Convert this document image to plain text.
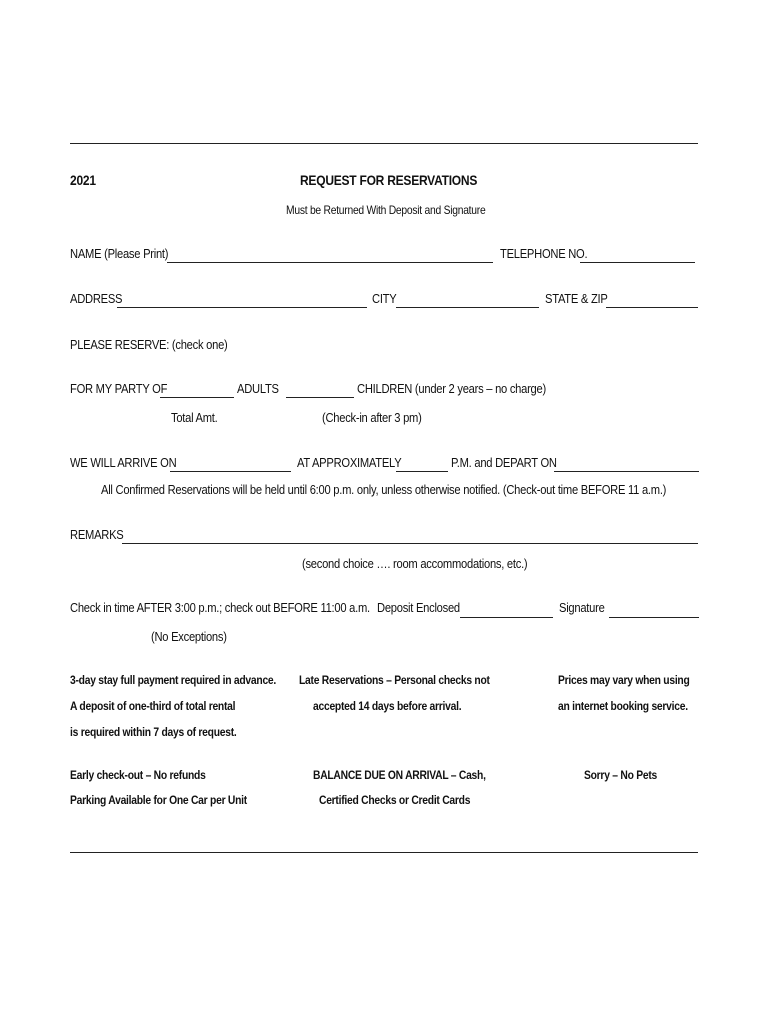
2021	REQUEST FOR RESERVATIONS
Must be Returned With Deposit and Signature
NAME (Please Print)	TELEPHONE NO.
ADDRESS	CITY	STATE & ZIP
PLEASE RESERVE: (check one)
FOR MY PARTY OF	ADULTS	CHILDREN (under 2 years – no charge)
Total Amt.	(Check-in after 3 pm)
WE WILL ARRIVE ON	AT APPROXIMATELY	P.M. and DEPART ON
All Confirmed Reservations will be held until 6:00 p.m. only, unless otherwise notified. (Check-out time BEFORE 11 a.m.)
REMARKS
(second choice …. room accommodations, etc.)
Check in time AFTER 3:00 p.m.; check out BEFORE 11:00 a.m. Deposit Enclosed	Signature
(No Exceptions)
3-day stay full payment required in advance.
A deposit of one-third of total rental
is required within 7 days of request.
Late Reservations – Personal checks not
accepted 14 days before arrival.
Prices may vary when using
an internet booking service.
Early check-out – No refunds
Parking Available for One Car per Unit
BALANCE DUE ON ARRIVAL – Cash,
Certified Checks or Credit Cards
Sorry – No Pets
